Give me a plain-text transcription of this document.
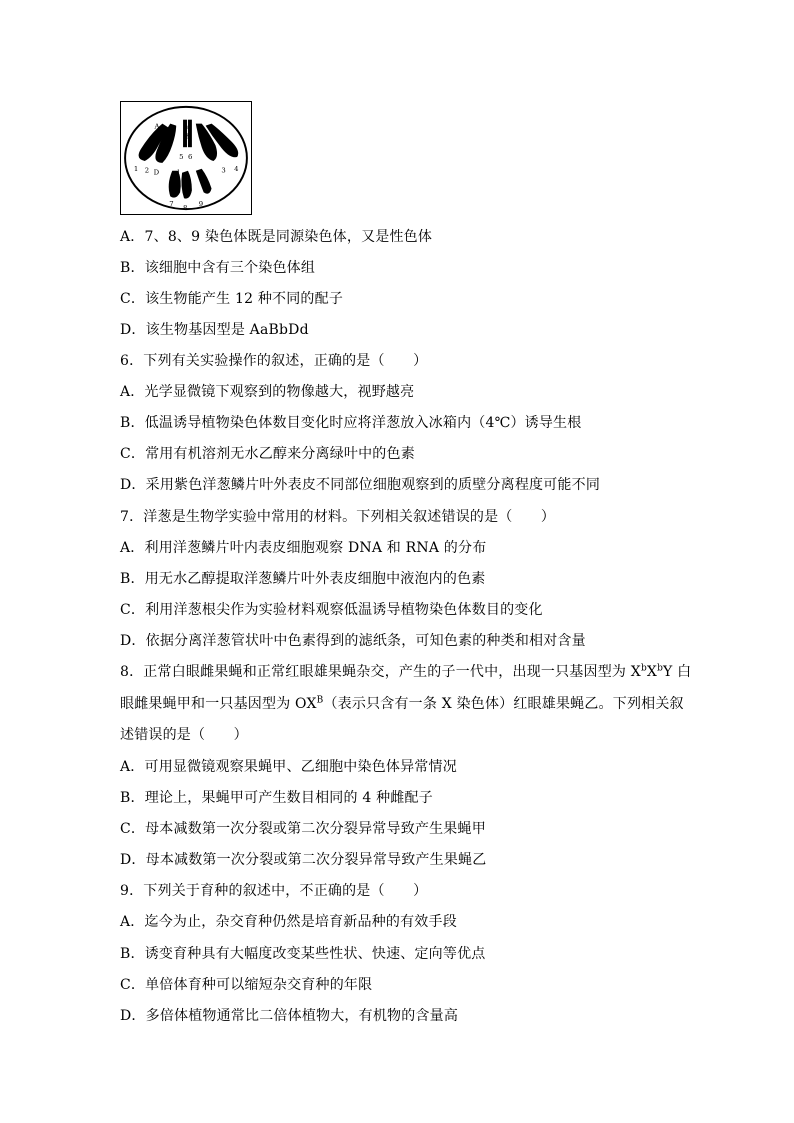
A	a
B	b
D d
1 2	3 4
5 6
7 8 9
A．7、8、9 染色体既是同源染色体，又是性色体
B．该细胞中含有三个染色体组
C．该生物能产生 12 种不同的配子
D．该生物基因型是 AaBbDd
6．下列有关实验操作的叙述，正确的是（　　）
A．光学显微镜下观察到的物像越大，视野越亮
B．低温诱导植物染色体数目变化时应将洋葱放入冰箱内（4℃）诱导生根
C．常用有机溶剂无水乙醇来分离绿叶中的色素
D．采用紫色洋葱鳞片叶外表皮不同部位细胞观察到的质壁分离程度可能不同
7．洋葱是生物学实验中常用的材料。下列相关叙述错误的是（　　）
A．利用洋葱鳞片叶内表皮细胞观察 DNA 和 RNA 的分布
B．用无水乙醇提取洋葱鳞片叶外表皮细胞中液泡内的色素
C．利用洋葱根尖作为实验材料观察低温诱导植物染色体数目的变化
D．依据分离洋葱管状叶中色素得到的滤纸条，可知色素的种类和相对含量
8．正常白眼雌果蝇和正常红眼雄果蝇杂交，产生的子一代中，出现一只基因型为 $X^bX^bY$ 白
眼雌果蝇甲和一只基因型为 $OX^B$（表示只含有一条 X 染色体）红眼雄果蝇乙。下列相关叙
述错误的是（　　）
A．可用显微镜观察果蝇甲、乙细胞中染色体异常情况
B．理论上，果蝇甲可产生数目相同的 4 种雌配子
C．母本减数第一次分裂或第二次分裂异常导致产生果蝇甲
D．母本减数第一次分裂或第二次分裂异常导致产生果蝇乙
9．下列关于育种的叙述中，不正确的是（　　）
A．迄今为止，杂交育种仍然是培育新品种的有效手段
B．诱变育种具有大幅度改变某些性状、快速、定向等优点
C．单倍体育种可以缩短杂交育种的年限
D．多倍体植物通常比二倍体植物大，有机物的含量高
